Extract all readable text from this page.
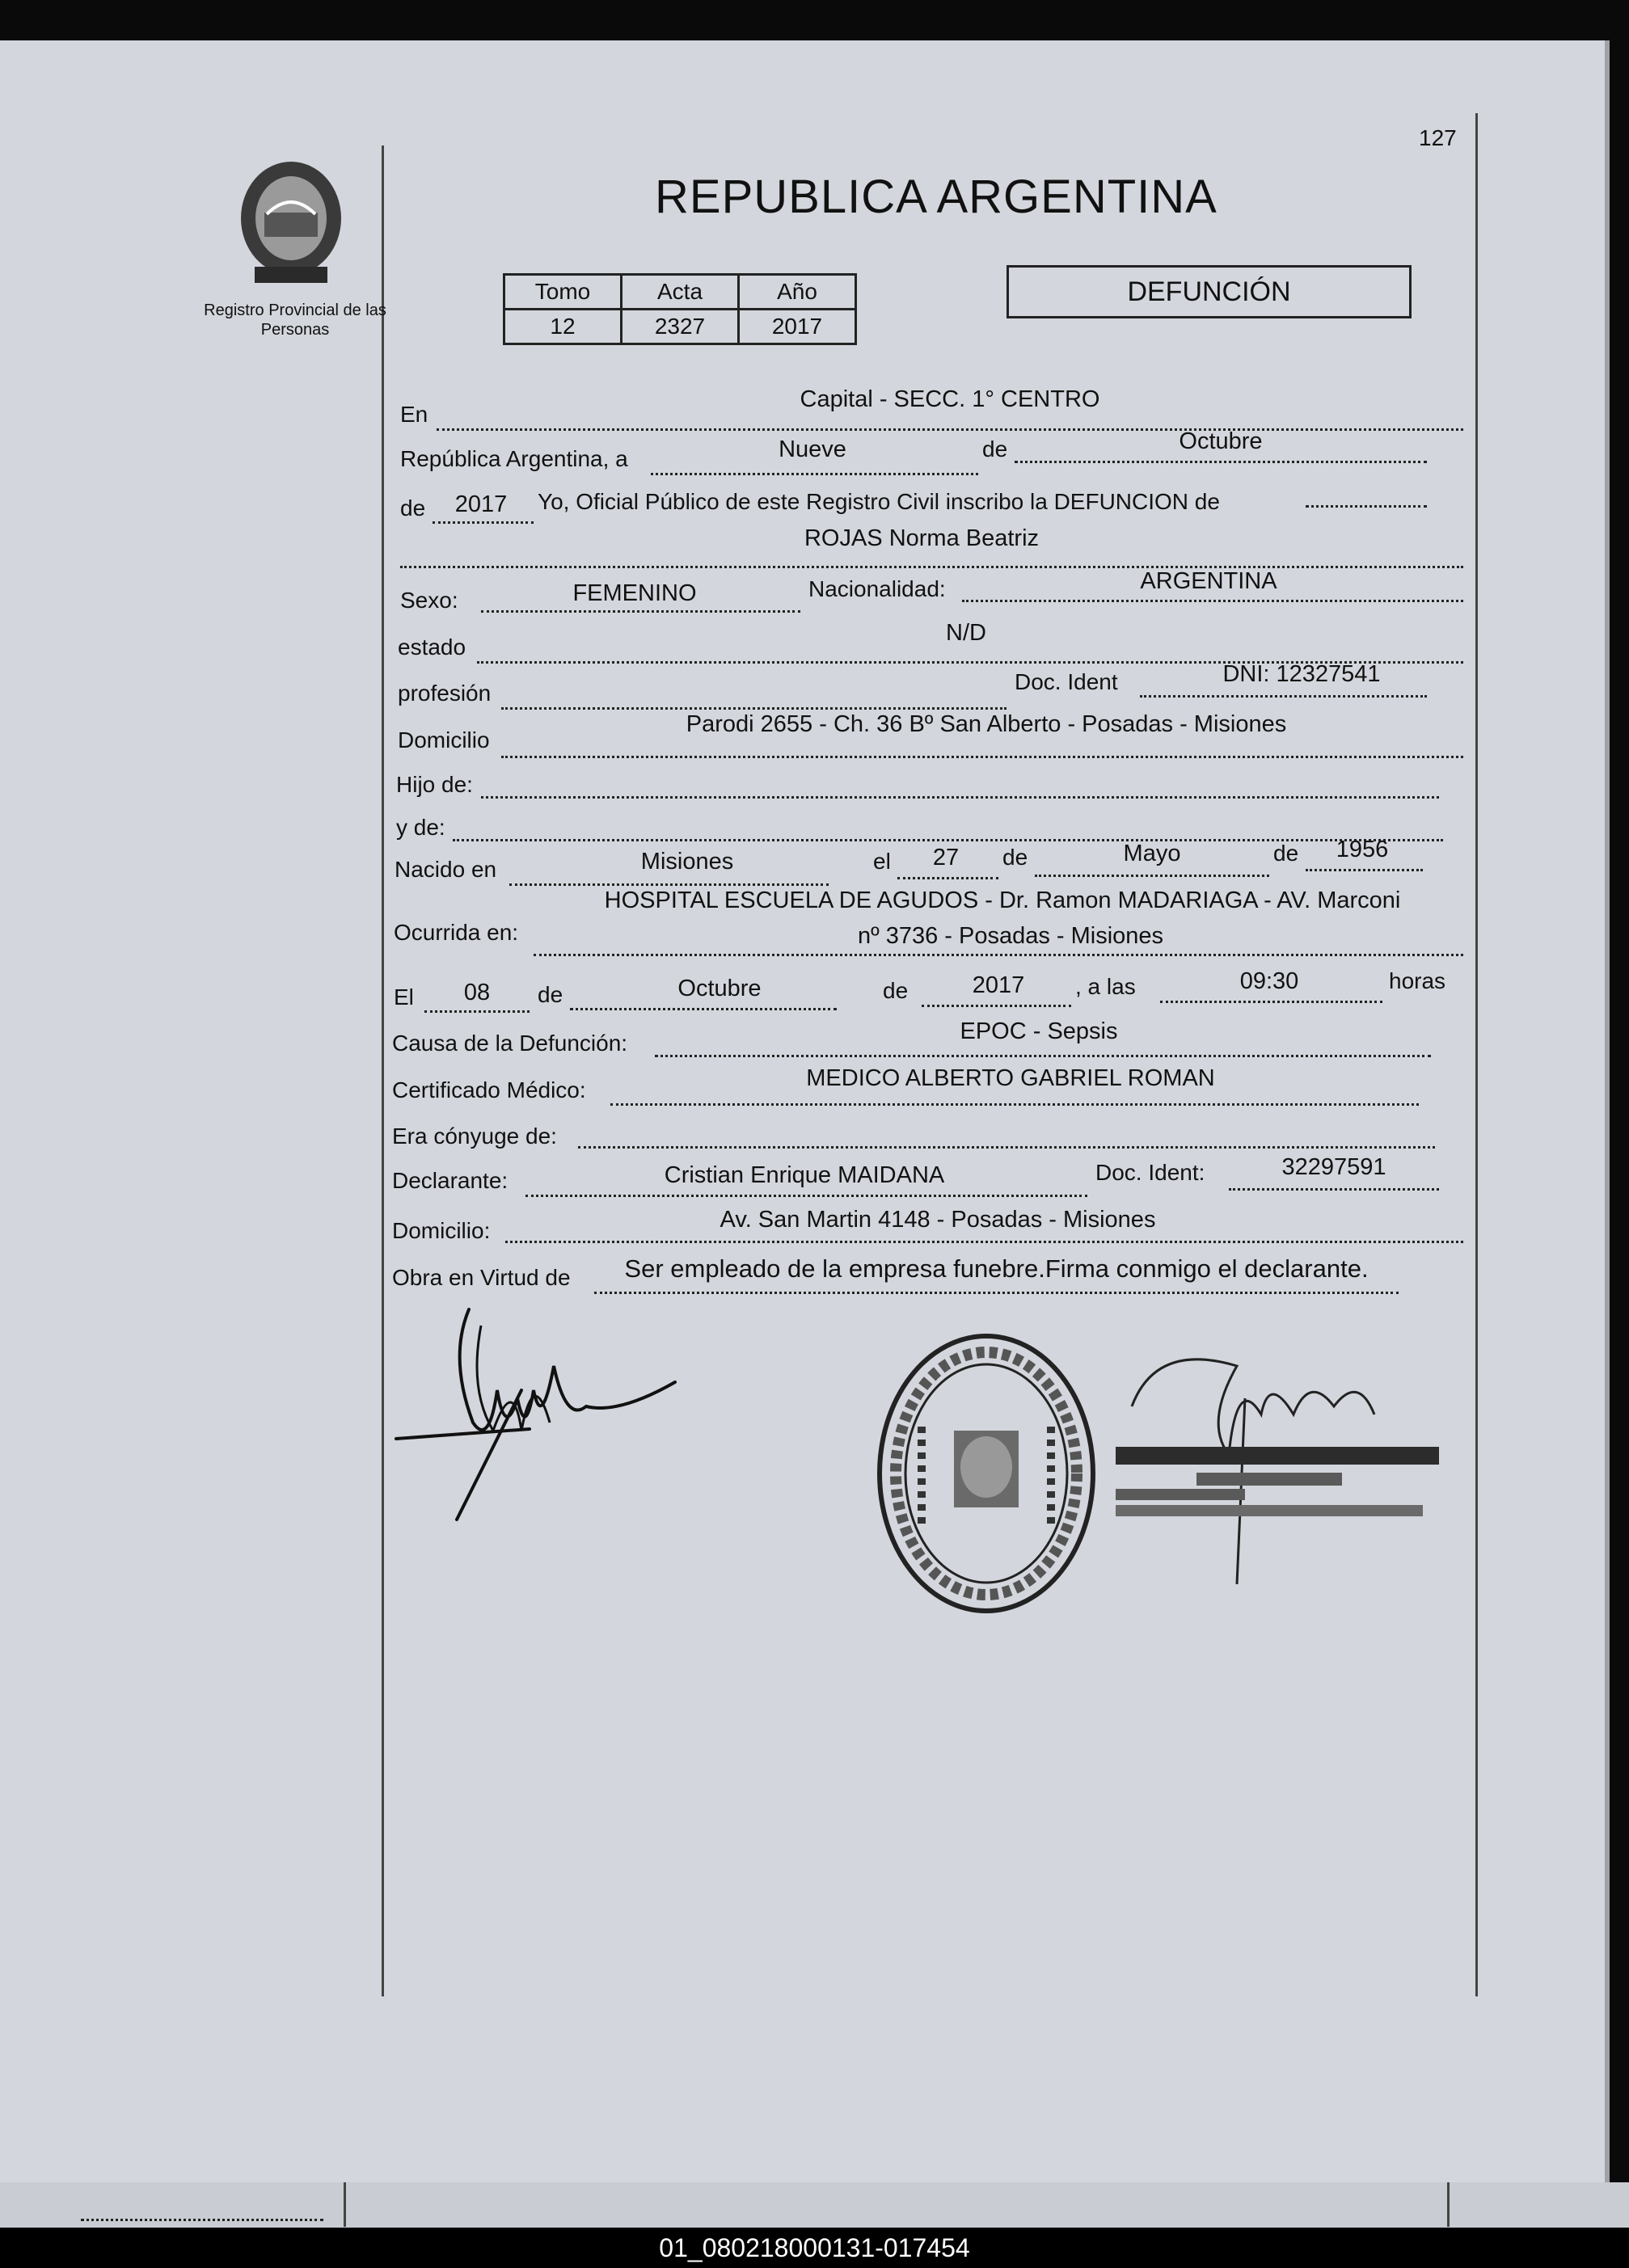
127
Registro Provincial de las Personas
REPUBLICA ARGENTINA
Tomo	Acta	Año
12	2327	2017
DEFUNCIÓN
En
Capital - SECC. 1° CENTRO
República Argentina, a	Nueve	de	Octubre
de	2017	Yo, Oficial Público de este Registro Civil inscribo la DEFUNCION de
ROJAS Norma Beatriz
Sexo:	FEMENINO	Nacionalidad:	ARGENTINA
estado
N/D
profesión	Doc. Ident	DNI: 12327541
Domicilio
Parodi 2655 - Ch. 36 Bº San Alberto - Posadas - Misiones
Hijo de:
y de:
Nacido en	Misiones	el	27	de	Mayo	de	1956
Ocurrida en:
HOSPITAL ESCUELA DE AGUDOS - Dr. Ramon MADARIAGA - AV. Marconi
nº 3736 - Posadas - Misiones
El	08	de	Octubre	de	2017	, a las	09:30	horas
Causa de la Defunción:	EPOC - Sepsis
Certificado Médico:	MEDICO ALBERTO GABRIEL ROMAN
Era cónyuge de:
Declarante:	Cristian Enrique MAIDANA	Doc. Ident:	32297591
Domicilio:	Av. San Martin 4148 - Posadas - Misiones
Obra en Virtud de	Ser empleado de la empresa funebre.Firma conmigo el declarante.
01_080218000131-017454
